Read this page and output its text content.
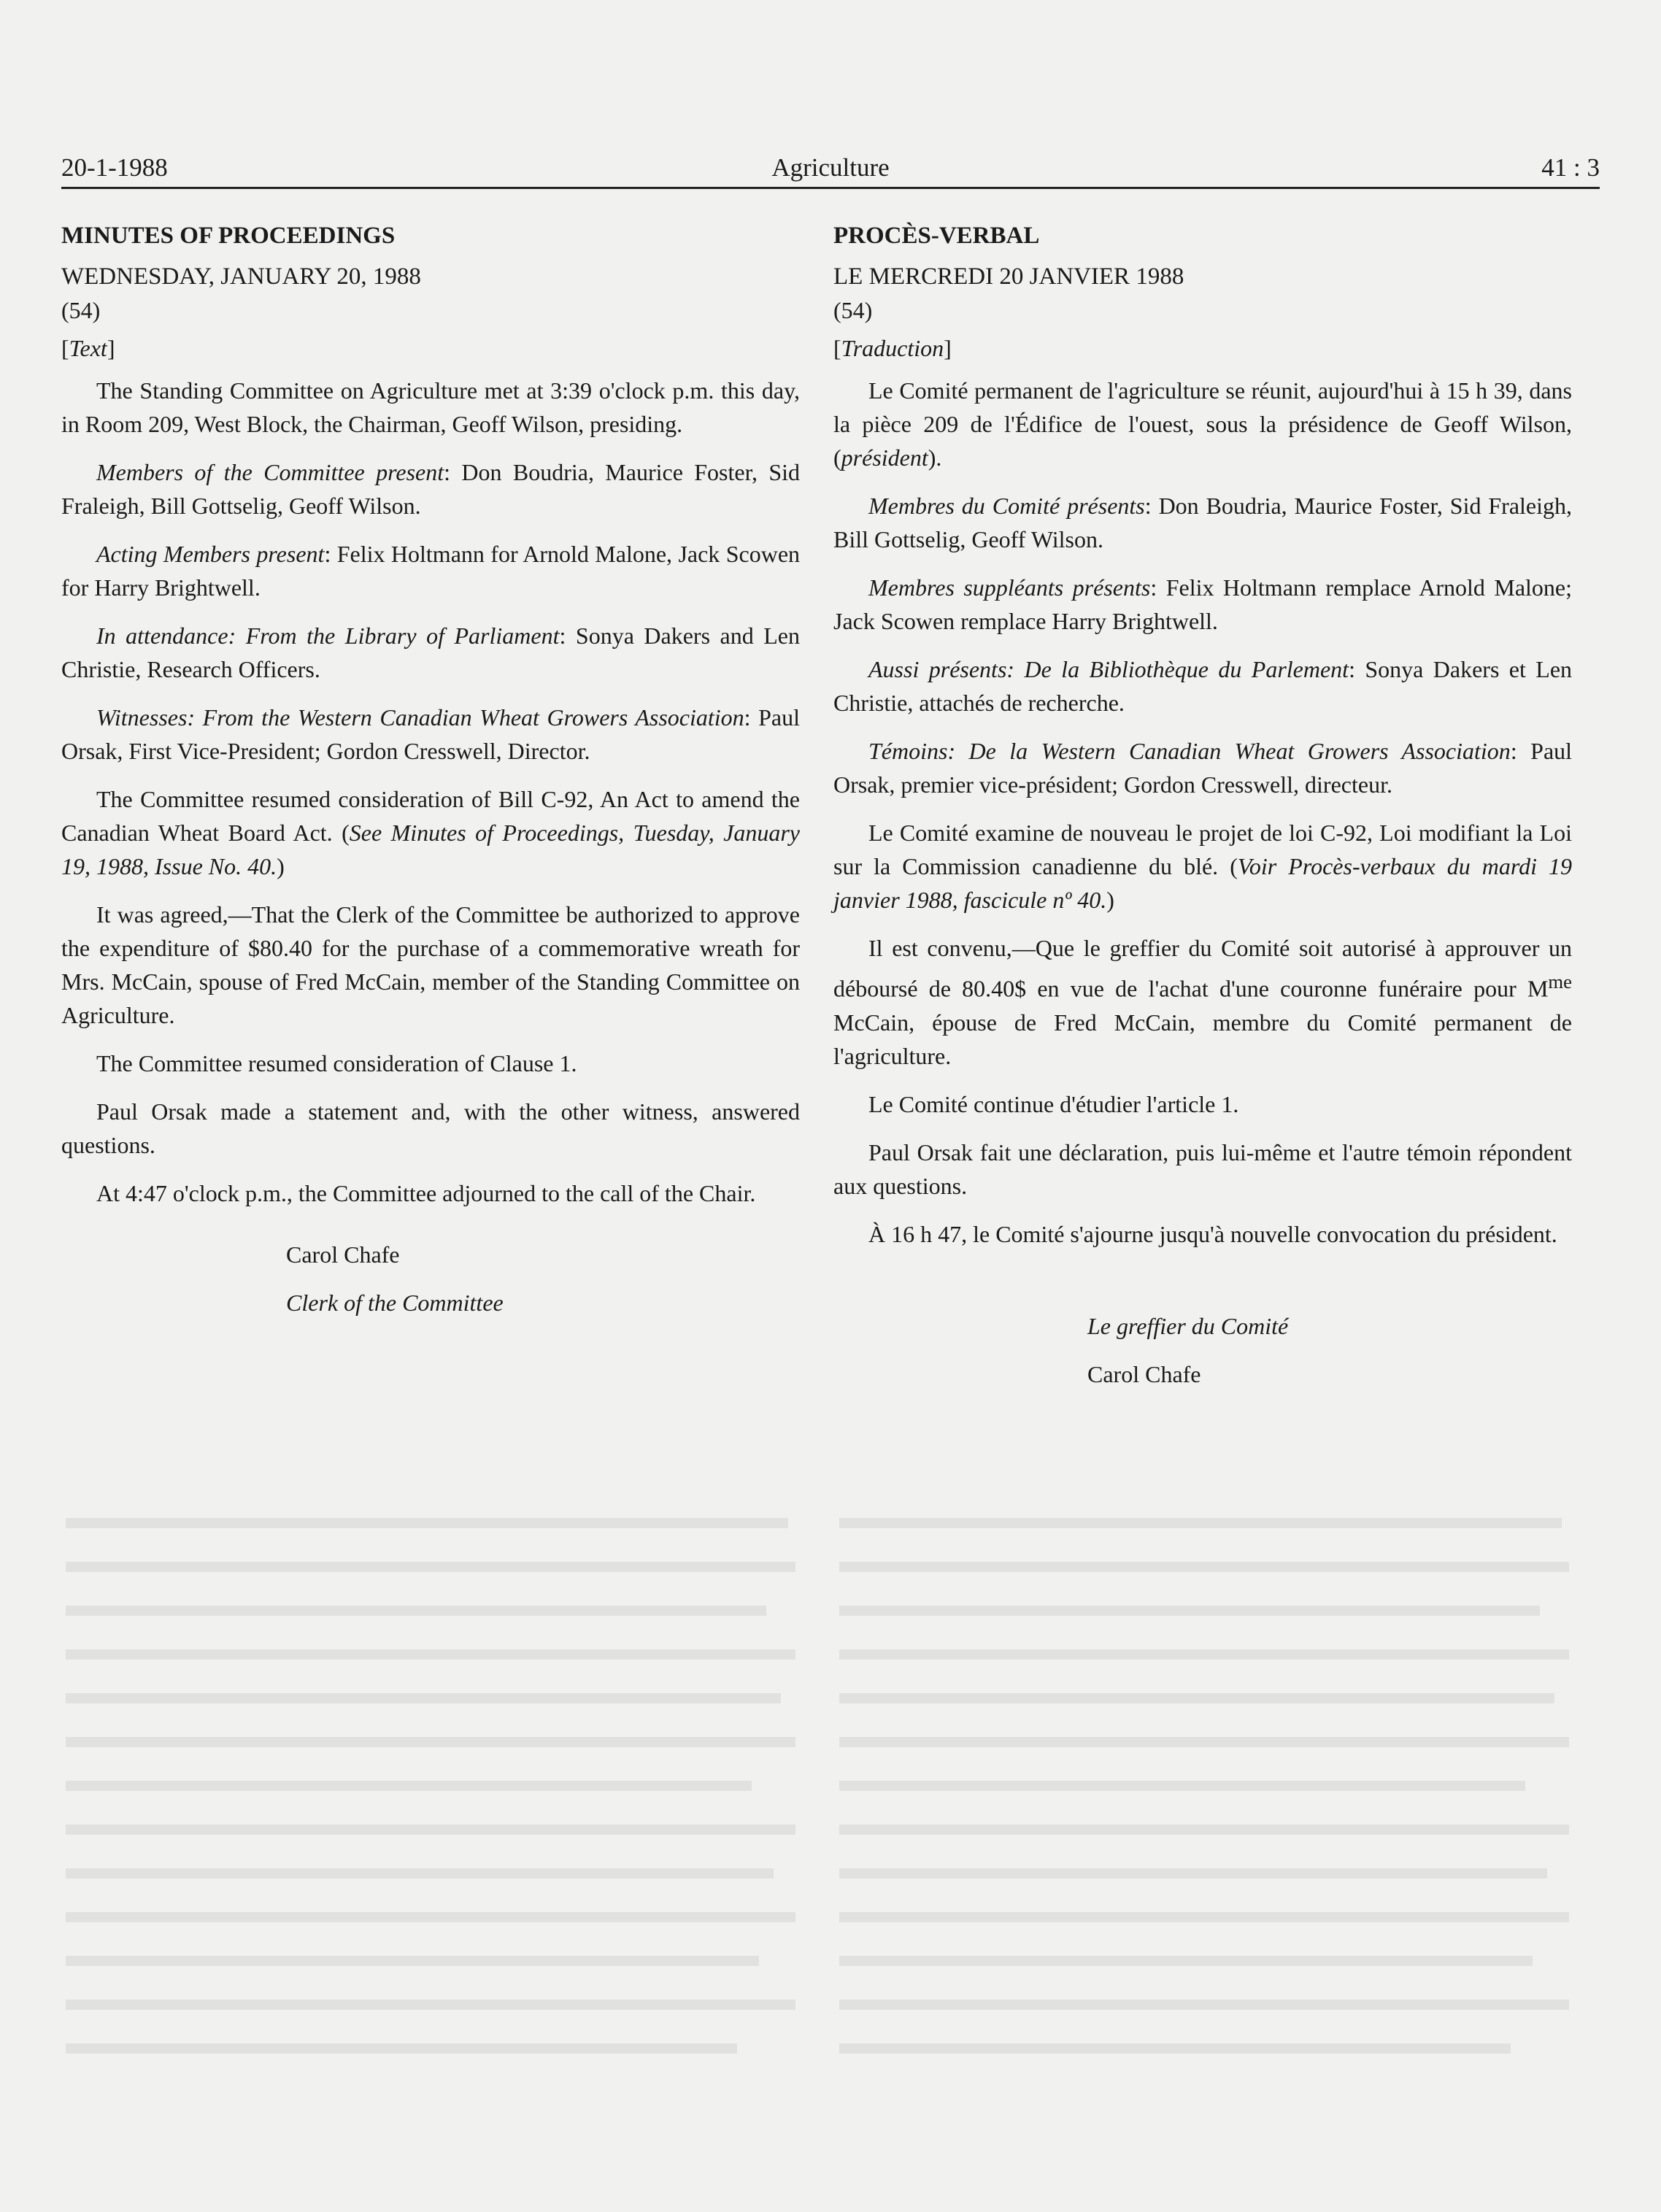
20-1-1988	Agriculture	41 : 3

MINUTES OF PROCEEDINGS

WEDNESDAY, JANUARY 20, 1988

(54)

[Text]

The Standing Committee on Agriculture met at 3:39 o'clock p.m. this day, in Room 209, West Block, the Chairman, Geoff Wilson, presiding.

Members of the Committee present: Don Boudria, Maurice Foster, Sid Fraleigh, Bill Gottselig, Geoff Wilson.

Acting Members present: Felix Holtmann for Arnold Malone, Jack Scowen for Harry Brightwell.

In attendance: From the Library of Parliament: Sonya Dakers and Len Christie, Research Officers.

Witnesses: From the Western Canadian Wheat Growers Association: Paul Orsak, First Vice-President; Gordon Cresswell, Director.

The Committee resumed consideration of Bill C-92, An Act to amend the Canadian Wheat Board Act. (See Minutes of Proceedings, Tuesday, January 19, 1988, Issue No. 40.)

It was agreed,—That the Clerk of the Committee be authorized to approve the expenditure of $80.40 for the purchase of a commemorative wreath for Mrs. McCain, spouse of Fred McCain, member of the Standing Committee on Agriculture.

The Committee resumed consideration of Clause 1.

Paul Orsak made a statement and, with the other witness, answered questions.

At 4:47 o'clock p.m., the Committee adjourned to the call of the Chair.

Carol Chafe

Clerk of the Committee

PROCÈS-VERBAL

LE MERCREDI 20 JANVIER 1988

(54)

[Traduction]

Le Comité permanent de l'agriculture se réunit, aujourd'hui à 15 h 39, dans la pièce 209 de l'Édifice de l'ouest, sous la présidence de Geoff Wilson, (président).

Membres du Comité présents: Don Boudria, Maurice Foster, Sid Fraleigh, Bill Gottselig, Geoff Wilson.

Membres suppléants présents: Felix Holtmann remplace Arnold Malone; Jack Scowen remplace Harry Brightwell.

Aussi présents: De la Bibliothèque du Parlement: Sonya Dakers et Len Christie, attachés de recherche.

Témoins: De la Western Canadian Wheat Growers Association: Paul Orsak, premier vice-président; Gordon Cresswell, directeur.

Le Comité examine de nouveau le projet de loi C-92, Loi modifiant la Loi sur la Commission canadienne du blé. (Voir Procès-verbaux du mardi 19 janvier 1988, fascicule nº 40.)

Il est convenu,—Que le greffier du Comité soit autorisé à approuver un déboursé de 80.40$ en vue de l'achat d'une couronne funéraire pour $M^{me}$ McCain, épouse de Fred McCain, membre du Comité permanent de l'agriculture.

Le Comité continue d'étudier l'article 1.

Paul Orsak fait une déclaration, puis lui-même et l'autre témoin répondent aux questions.

À 16 h 47, le Comité s'ajourne jusqu'à nouvelle convocation du président.

Le greffier du Comité

Carol Chafe
